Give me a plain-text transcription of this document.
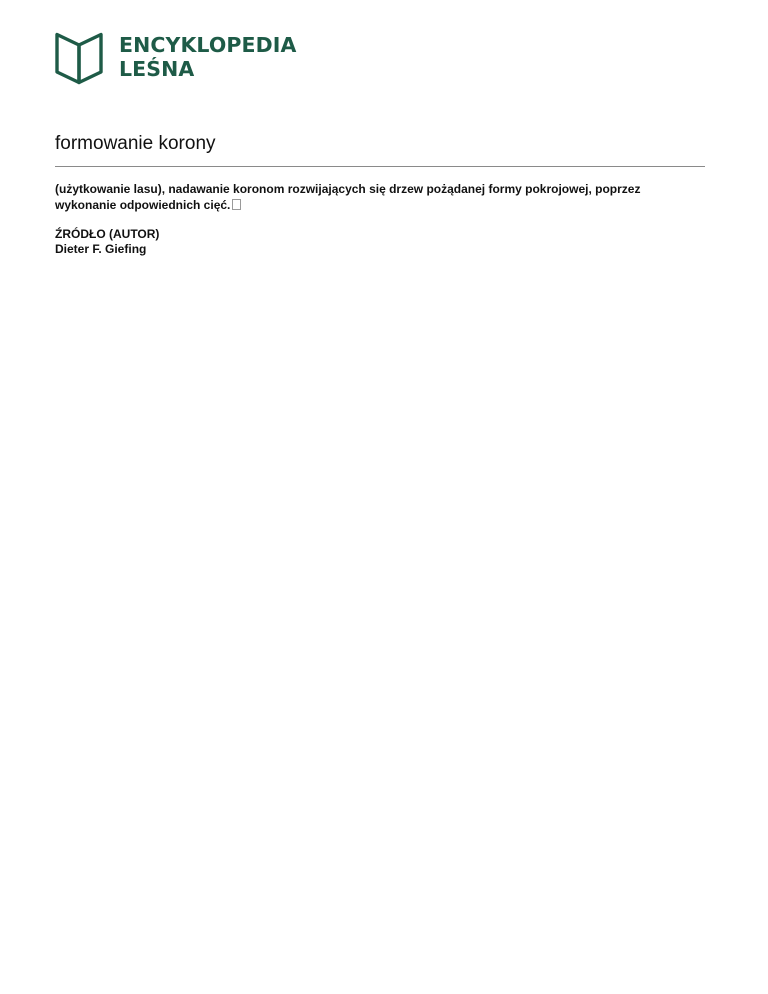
ENCYKLOPEDIA
LEŚNA
formowanie korony

(użytkowanie lasu), nadawanie koronom rozwijających się drzew pożądanej formy pokrojowej, poprzez wykonanie odpowiednich cięć.

ŹRÓDŁO (AUTOR)
Dieter F. Giefing
